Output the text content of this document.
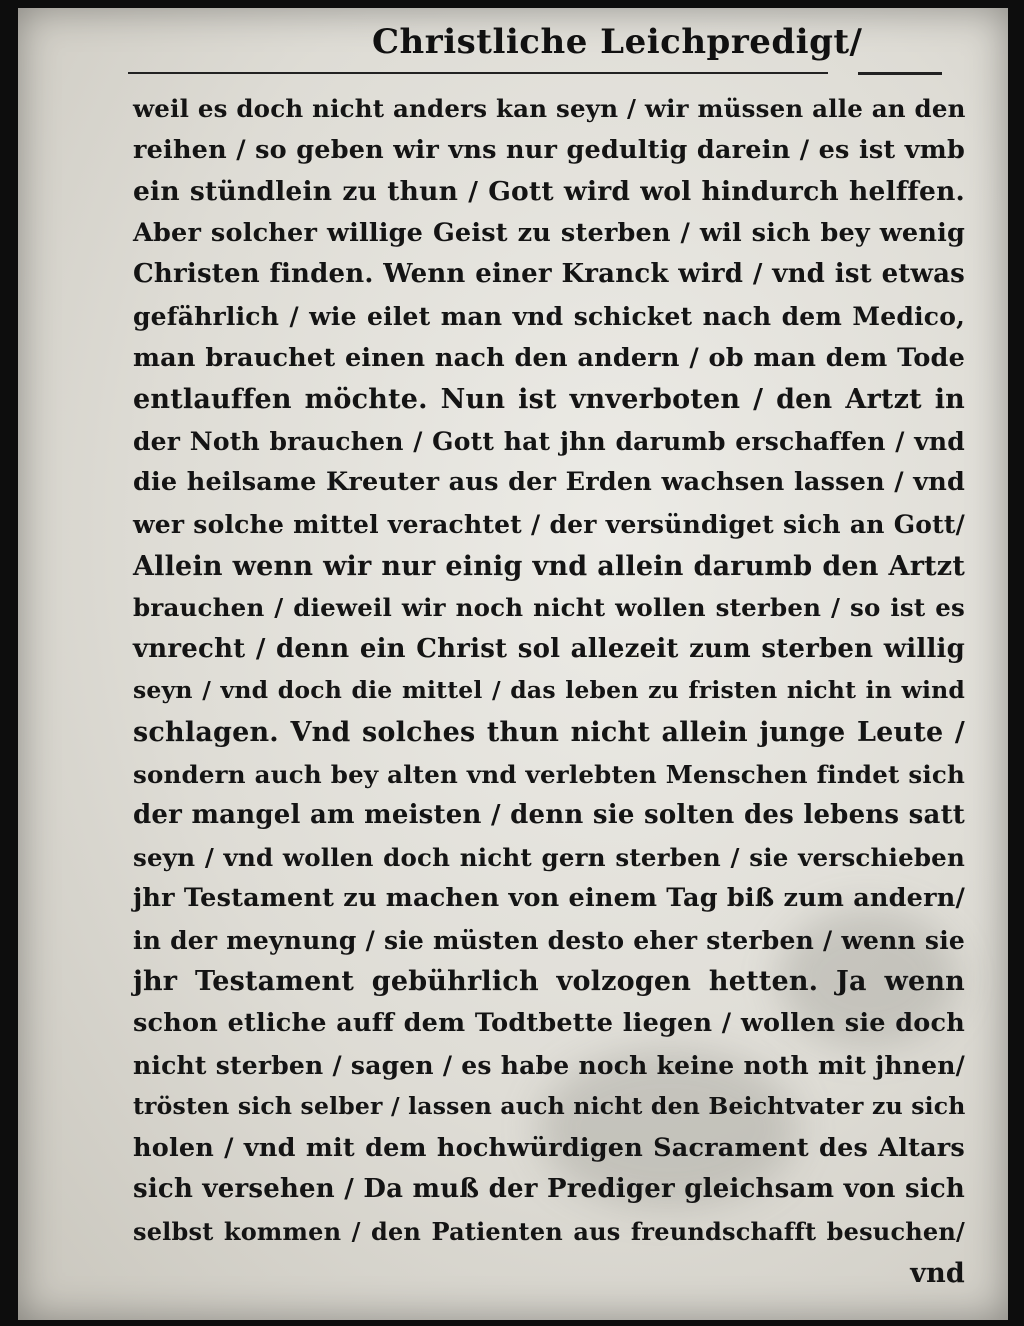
Christliche Leichpredigt/
weil es doch nicht anders kan seyn / wir müssen alle an den
reihen / so geben wir vns nur gedultig darein / es ist vmb
ein stündlein zu thun / Gott wird wol hindurch helffen.
Aber solcher willige Geist zu sterben / wil sich bey wenig
Christen finden. Wenn einer Kranck wird / vnd ist etwas
gefährlich / wie eilet man vnd schicket nach dem Medico,
man brauchet einen nach den andern / ob man dem Tode
entlauffen möchte. Nun ist vnverboten / den Artzt in
der Noth brauchen / Gott hat jhn darumb erschaffen / vnd
die heilsame Kreuter aus der Erden wachsen lassen / vnd
wer solche mittel verachtet / der versündiget sich an Gott/
Allein wenn wir nur einig vnd allein darumb den Artzt
brauchen / dieweil wir noch nicht wollen sterben / so ist es
vnrecht / denn ein Christ sol allezeit zum sterben willig
seyn / vnd doch die mittel / das leben zu fristen nicht in wind
schlagen. Vnd solches thun nicht allein junge Leute /
sondern auch bey alten vnd verlebten Menschen findet sich
der mangel am meisten / denn sie solten des lebens satt
seyn / vnd wollen doch nicht gern sterben / sie verschieben
jhr Testament zu machen von einem Tag biß zum andern/
in der meynung / sie müsten desto eher sterben / wenn sie
jhr Testament gebührlich volzogen hetten. Ja wenn
schon etliche auff dem Todtbette liegen / wollen sie doch
nicht sterben / sagen / es habe noch keine noth mit jhnen/
trösten sich selber / lassen auch nicht den Beichtvater zu sich
holen / vnd mit dem hochwürdigen Sacrament des Altars
sich versehen / Da muß der Prediger gleichsam von sich
selbst kommen / den Patienten aus freundschafft besuchen/
vnd
